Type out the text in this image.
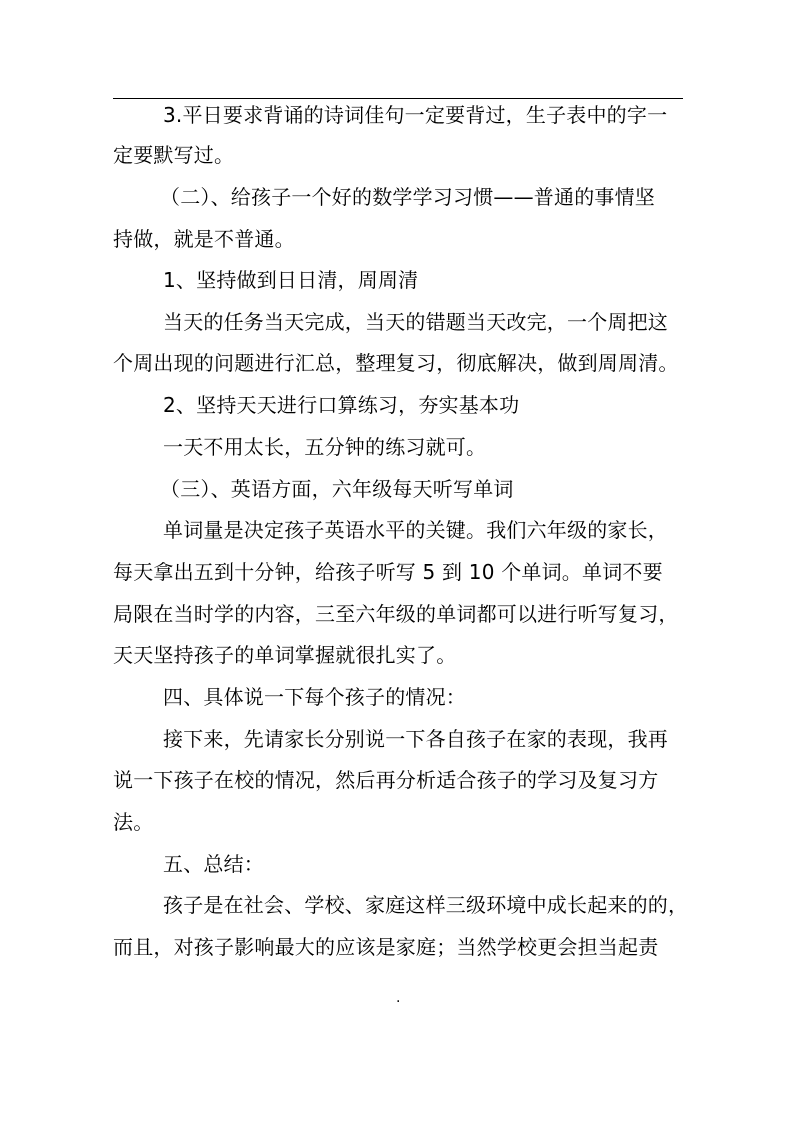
3.平日要求背诵的诗词佳句一定要背过，生子表中的字一

定要默写过。

（二）、给孩子一个好的数学学习习惯——普通的事情坚

持做，就是不普通。

1、坚持做到日日清，周周清

当天的任务当天完成，当天的错题当天改完，一个周把这

个周出现的问题进行汇总，整理复习，彻底解决，做到周周清。

2、坚持天天进行口算练习，夯实基本功

一天不用太长，五分钟的练习就可。

（三）、英语方面，六年级每天听写单词

单词量是决定孩子英语水平的关键。我们六年级的家长，

每天拿出五到十分钟，给孩子听写 5 到 10 个单词。单词不要

局限在当时学的内容，三至六年级的单词都可以进行听写复习，

天天坚持孩子的单词掌握就很扎实了。

四、具体说一下每个孩子的情况：

接下来，先请家长分别说一下各自孩子在家的表现，我再

说一下孩子在校的情况，然后再分析适合孩子的学习及复习方

法。

五、总结：

孩子是在社会、学校、家庭这样三级环境中成长起来的的，

而且，对孩子影响最大的应该是家庭；当然学校更会担当起责

.
